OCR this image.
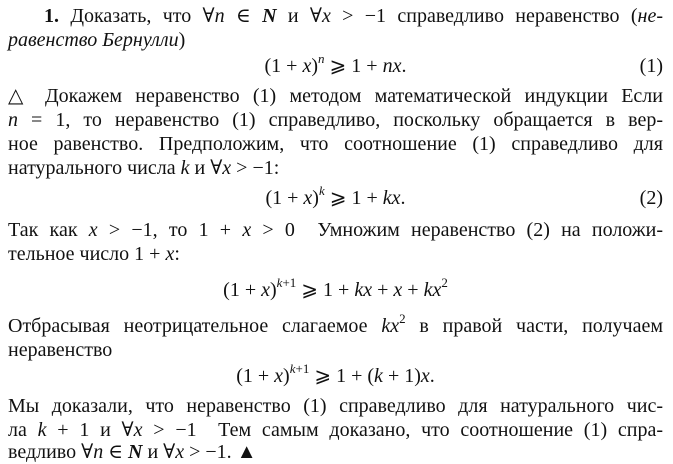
1. Доказать, что ∀n ∈ N и ∀x > −1 справедливо неравенство (не-
равенство Бернулли)
$(1 + x)^n$ ⩾ 1 + nx.	(1)
△ Докажем неравенство (1) методом математической индукции Если
n = 1, то неравенство (1) справедливо, поскольку обращается в вер-
ное равенство. Предположим, что соотношение (1) справедливо для
натурального числа k и ∀x > −1:
$(1 + x)^k$ ⩾ 1 + kx.	(2)
Так как x > −1, то 1 + x > 0  Умножим неравенство (2) на положи-
тельное число 1 + x:
$(1 + x)^{k+1}$ ⩾ 1 + kx + $x + kx^2$
Отбрасывая неотрицательное слагаемое $kx^2$ в правой части, получаем
неравенство
$(1 + x)^{k+1}$ ⩾ 1 + (k + 1)x.
Мы доказали, что неравенство (1) справедливо для натурального чис-
ла k + 1 и ∀x > −1  Тем самым доказано, что соотношение (1) спра-
ведливо ∀n ∈ N и ∀x > −1. ▲
